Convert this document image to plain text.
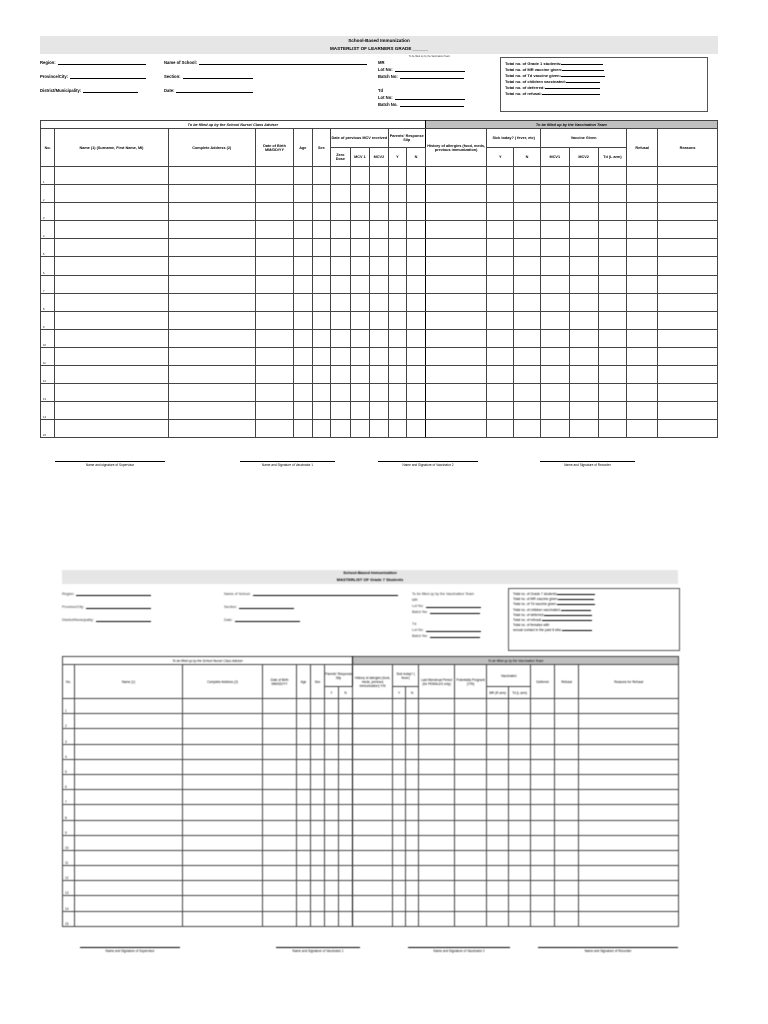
School-Based Immunization
MASTERLIST OF LEARNERS GRADE ______
To be filled up by the Vaccination Team
Region:
Province/City:
District/Municipality:
Name of School:
Section:
Date:
MR
Lot No:
Batch No:
Td
Lot No:
Batch No.
Total no. of Grade 1 students:
Total no. of MR vaccine given:
Total no. of Td vaccine given:
Total no. of children vaccinated:
Total no. of deferred:
Total no. of refusal:
To be filled up by the School Nurse/ Class Adviser											To be filled up by the Vaccination Team							
No.	Name (1) (Surname, First Name, MI)	Complete Address (2)	Date of Birth MM/DD/YY	Age	Sex	Date of previous MCV received			Parents' Response Slip		History of allergies (food, meds, previous immunization)	Sick today? ( fever, etc)		Vaccine Given			Refusal	Reasons
						Zero Dose	MCV 1	MCV2	Y	N		Y	N	MCV1	MCV2	Td (L arm)		
1																		
2																		
3																		
4																		
5																		
6																		
7																		
8																		
9																		
10																		
11																		
12																		
13																		
14																		
15																		
Name and signature of Supervisor	Name and Signature of Vaccinator 1	Name and Signature of Vaccinator 2	Name and Signature of Recorder
School-Based Immunization
MASTERLIST OF Grade 7 Students
Region:
Province/City:
District/Municipality:
Name of School:
Section:
Date:
To be filled up by the Vaccination Team
MR
Lot No:
Batch No:
Td
Lot No:
Batch No:
Total no. of Grade 7 students:
Total no. of MR vaccine given:
Total no. of Td vaccine given:
Total no. of children vaccinated:
Total no. of deferred:
Total no. of refusal:
Total no. of females with
sexual contact in the past 6 wks:
To be filled up by the School Nurse/ Class Adviser								To be filled up by the Vaccination Team									
No.	Name (1)	Complete Address (2)	Date of Birth MM/DD/YY	Age	Sex	Parents' Response Slip		History of allergies (food, meds, previous immunization) Y/N	Sick today? ( fever)		Last Menstrual Period (for FEMALES only)	Potentially Pregnant (Y/N)	Vaccinated		Deferred	Refusal	Reasons for Refusal
						Y	N		Y	N			MR (R arm)	Td (L arm)			
1																	
2																	
3																	
4																	
5																	
6																	
7																	
8																	
9																	
10																	
11																	
12																	
13																	
14																	
15																	
Name and Signature of Supervisor	Name and Signature of Vaccinator 1	Name and Signature of Vaccinator 2	Name and Signature of Recorder
